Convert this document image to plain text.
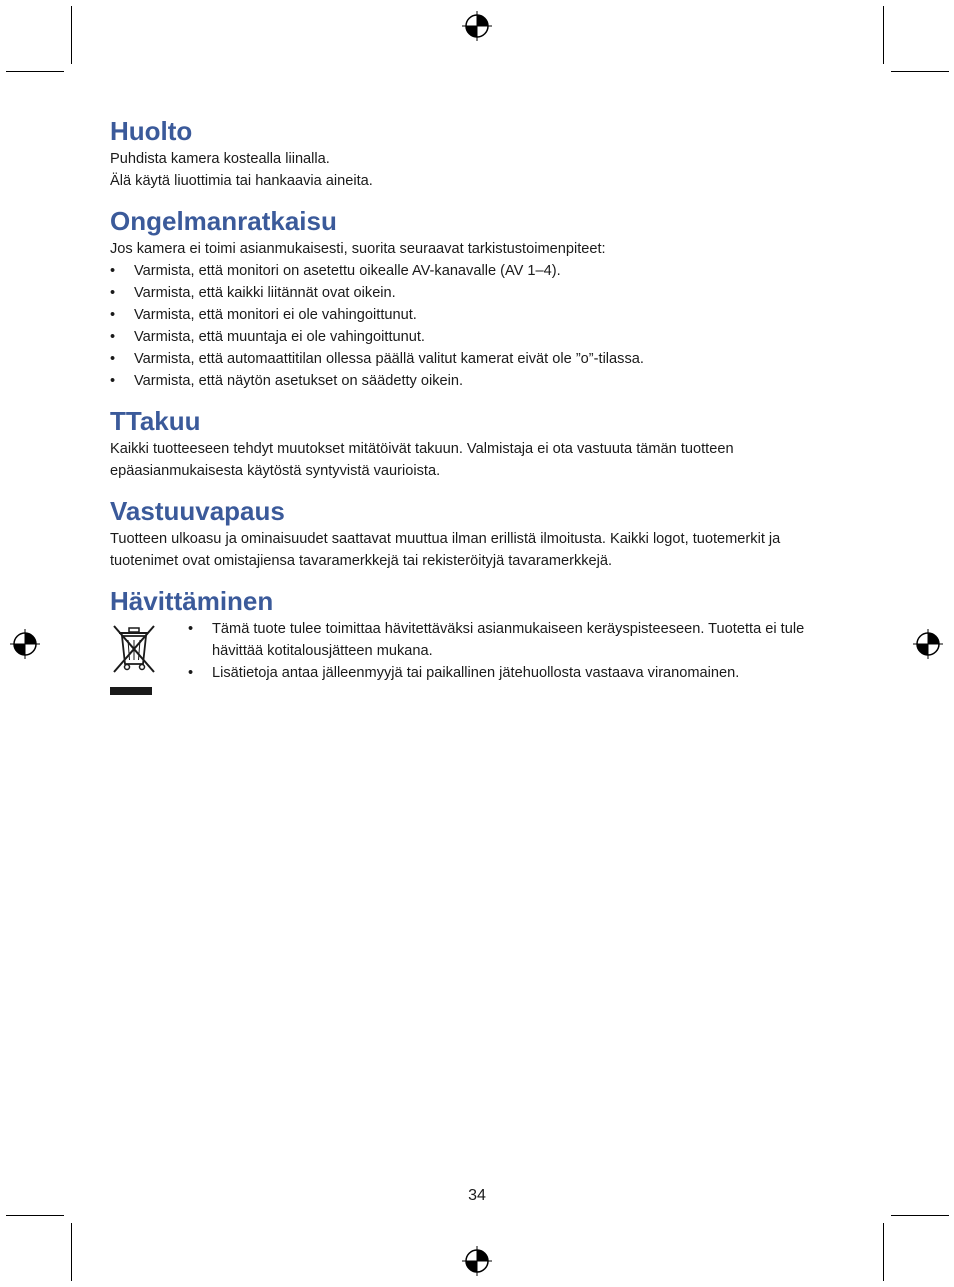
Huolto

Puhdista kamera kostealla liinalla.

Älä käytä liuottimia tai hankaavia aineita.

Ongelmanratkaisu

Jos kamera ei toimi asianmukaisesti, suorita seuraavat tarkistustoimenpiteet:

• Varmista, että monitori on asetettu oikealle AV-kanavalle (AV 1–4).
• Varmista, että kaikki liitännät ovat oikein.
• Varmista, että monitori ei ole vahingoittunut.
• Varmista, että muuntaja ei ole vahingoittunut.
• Varmista, että automaattitilan ollessa päällä valitut kamerat eivät ole ”ο”-tilassa.
• Varmista, että näytön asetukset on säädetty oikein.
TTakuu

Kaikki tuotteeseen tehdyt muutokset mitätöivät takuun. Valmistaja ei ota vastuuta tämän tuotteen epäasianmukaisesta käytöstä syntyvistä vaurioista.

Vastuuvapaus

Tuotteen ulkoasu ja ominaisuudet saattavat muuttua ilman erillistä ilmoitusta. Kaikki logot, tuotemerkit ja tuotenimet ovat omistajiensa tavaramerkkejä tai rekisteröityjä tavaramerkkejä.

Hävittäminen
• Tämä tuote tulee toimittaa hävitettäväksi asianmukaiseen keräyspisteeseen. Tuotetta ei tule hävittää kotitalousjätteen mukana.
• Lisätietoja antaa jälleenmyyjä tai paikallinen jätehuollosta vastaava viranomainen.
34
